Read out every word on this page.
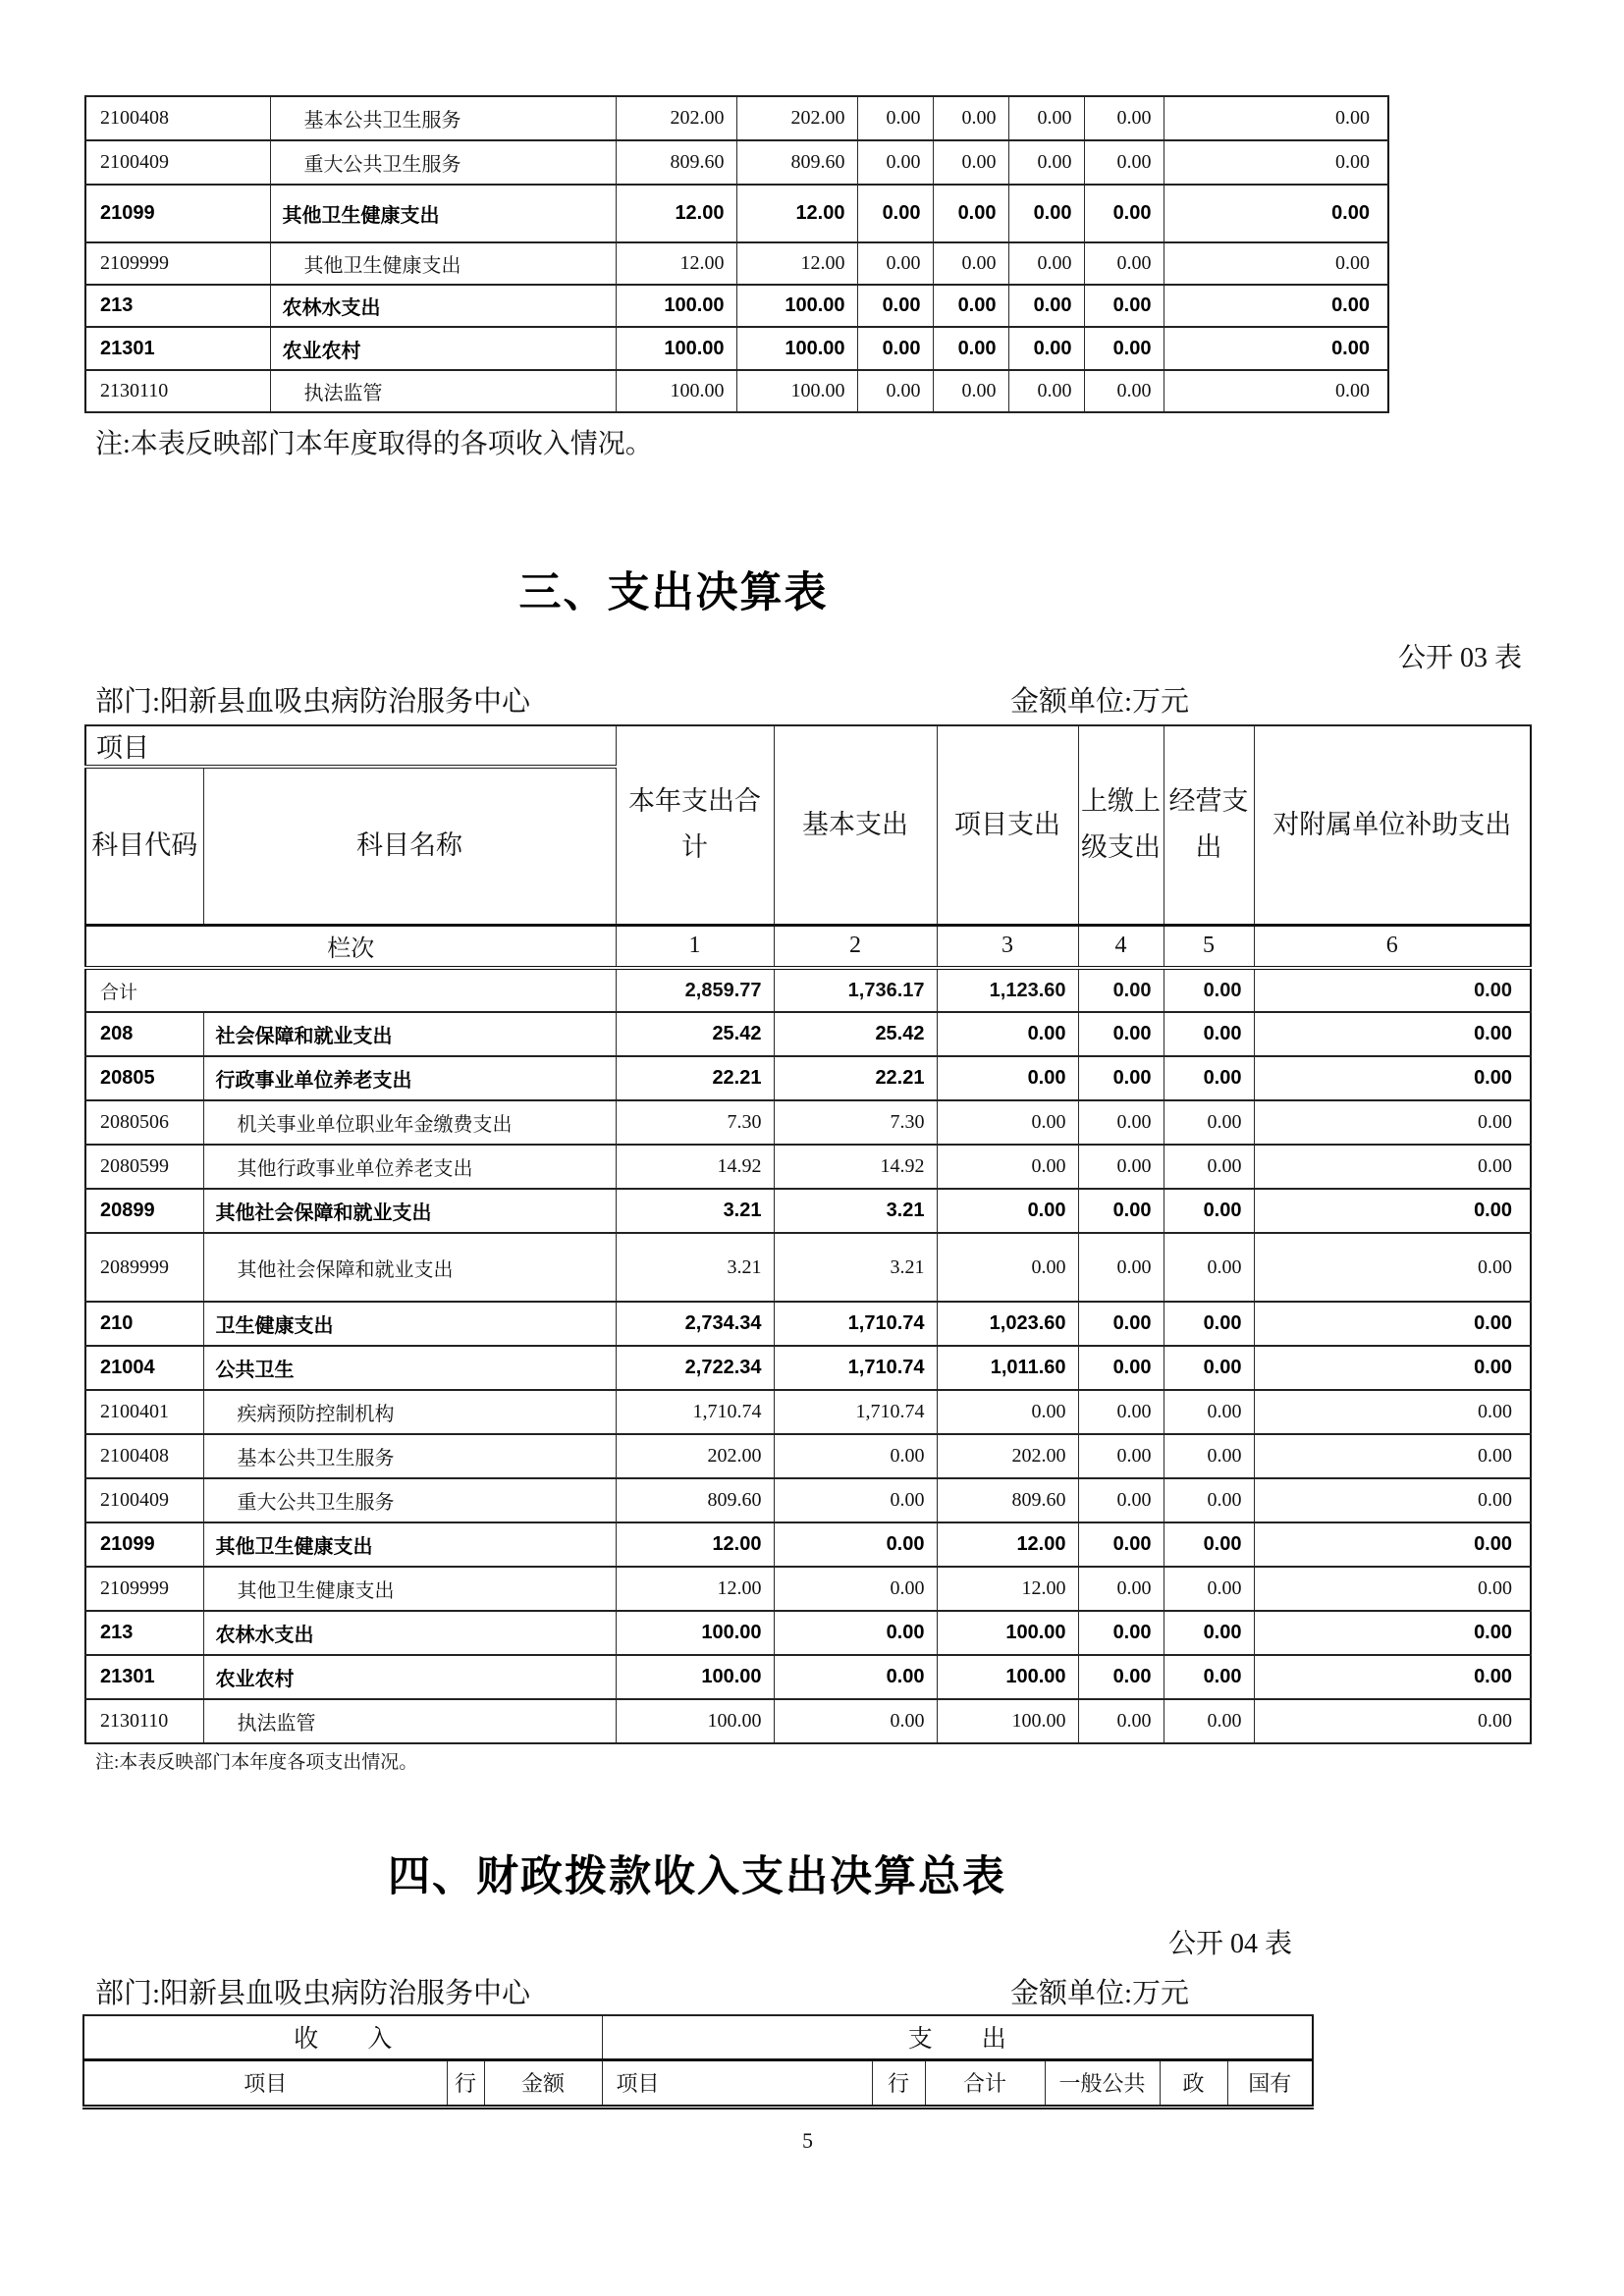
2100408	基本公共卫生服务	202.00	202.00	0.00	0.00	0.00	0.00	0.00
2100409	重大公共卫生服务	809.60	809.60	0.00	0.00	0.00	0.00	0.00
21099	其他卫生健康支出	12.00	12.00	0.00	0.00	0.00	0.00	0.00
2109999	其他卫生健康支出	12.00	12.00	0.00	0.00	0.00	0.00	0.00
213	农林水支出	100.00	100.00	0.00	0.00	0.00	0.00	0.00
21301	农业农村	100.00	100.00	0.00	0.00	0.00	0.00	0.00
2130110	执法监管	100.00	100.00	0.00	0.00	0.00	0.00	0.00
注:本表反映部门本年度取得的各项收入情况。
三、支出决算表
公开 03 表
部门:阳新县血吸虫病防治服务中心	金额单位:万元
项目		本年支出合计	基本支出	项目支出	上缴上级支出	经营支出	对附属单位补助支出
科目代码	科目名称						
栏次		1	2	3	4	5	6
合计		2,859.77	1,736.17	1,123.60	0.00	0.00	0.00
208	社会保障和就业支出	25.42	25.42	0.00	0.00	0.00	0.00
20805	行政事业单位养老支出	22.21	22.21	0.00	0.00	0.00	0.00
2080506	机关事业单位职业年金缴费支出	7.30	7.30	0.00	0.00	0.00	0.00
2080599	其他行政事业单位养老支出	14.92	14.92	0.00	0.00	0.00	0.00
20899	其他社会保障和就业支出	3.21	3.21	0.00	0.00	0.00	0.00
2089999	其他社会保障和就业支出	3.21	3.21	0.00	0.00	0.00	0.00
210	卫生健康支出	2,734.34	1,710.74	1,023.60	0.00	0.00	0.00
21004	公共卫生	2,722.34	1,710.74	1,011.60	0.00	0.00	0.00
2100401	疾病预防控制机构	1,710.74	1,710.74	0.00	0.00	0.00	0.00
2100408	基本公共卫生服务	202.00	0.00	202.00	0.00	0.00	0.00
2100409	重大公共卫生服务	809.60	0.00	809.60	0.00	0.00	0.00
21099	其他卫生健康支出	12.00	0.00	12.00	0.00	0.00	0.00
2109999	其他卫生健康支出	12.00	0.00	12.00	0.00	0.00	0.00
213	农林水支出	100.00	0.00	100.00	0.00	0.00	0.00
21301	农业农村	100.00	0.00	100.00	0.00	0.00	0.00
2130110	执法监管	100.00	0.00	100.00	0.00	0.00	0.00
注:本表反映部门本年度各项支出情况。
四、财政拨款收入支出决算总表
公开 04 表
部门:阳新县血吸虫病防治服务中心	金额单位:万元
收　　入			支　　出					
项目	行	金额	项目	行	合计	一般公共	政	国有
5
